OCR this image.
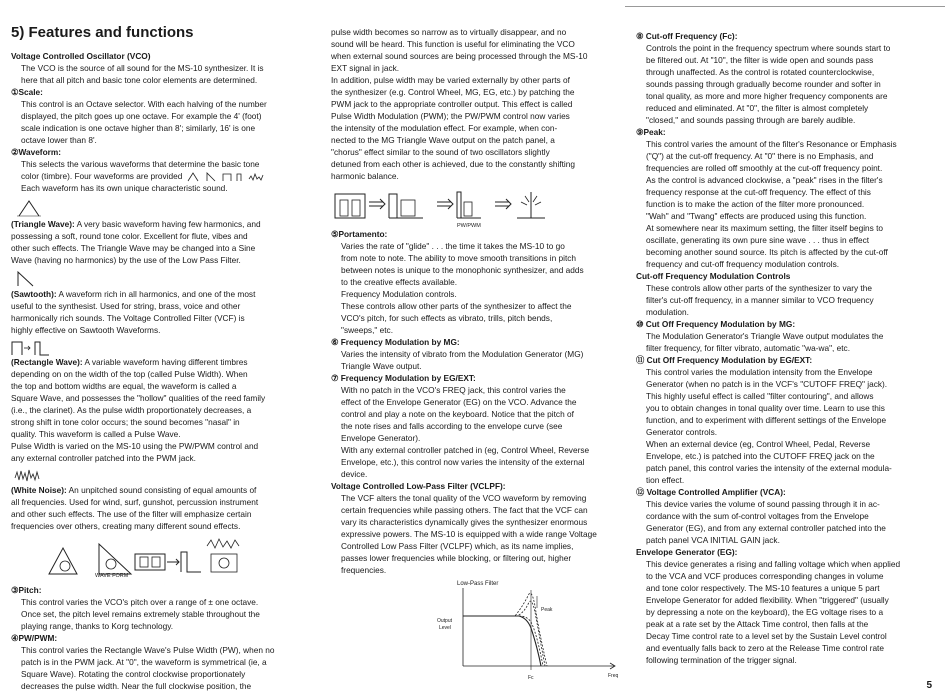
5) Features and functions

Voltage Controlled Oscillator (VCO)

The VCO is the source of all sound for the MS-10 synthesizer. It is
here that all pitch and basic tone color elements are determined.

①Scale:

This control is an Octave selector. With each halving of the number
displayed, the pitch goes up one octave. For example the 4' (foot)
scale indication is one octave higher than 8'; similarly, 16' is one
octave lower than 8'.

②Waveform:

This selects the various waveforms that determine the basic tone
color (timbre). Four waveforms are provided
Each waveform has its own unique characteristic sound.

(Triangle Wave): A very basic waveform having few harmonics, and

possessing a soft, round tone color. Excellent for flute, vibes and
other such effects. The Triangle Wave may be changed into a Sine
Wave (having no harmonics) by the use of the Low Pass Filter.

(Sawtooth): A waveform rich in all harmonics, and one of the most

useful to the synthesist. Used for string, brass, voice and other
harmonically rich sounds. The Voltage Controlled Filter (VCF) is
highly effective on Sawtooth Waveforms.

(Rectangle Wave): A variable waveform having different timbres

depending on on the width of the top (called Pulse Width). When
the top and bottom widths are equal, the waveform is called a
Square Wave, and possesses the "hollow" qualities of the reed family
(i.e., the clarinet). As the pulse width proportionately decreases, a
strong shift in tone color occurs; the sound becomes "nasal" in
quality. This waveform is called a Pulse Wave.
Pulse Width is varied on the MS-10 using the PW/PWM control and
any external controller patched into the PWM jack.

(White Noise): An unpitched sound consisting of equal amounts of

all frequencies. Used for wind, surf, gunshot, percussion instrument
and other such effects. The use of the filter will emphasize certain
frequencies over others, creating many different sound effects.
WAVE FORM

③Pitch:

This control varies the VCO's pitch over a range of ± one octave.
Once set, the pitch level remains extremely stable throughout the
playing range, thanks to Korg technology.

④PW/PWM:

This control varies the Rectangle Wave's Pulse Width (PW), when no
patch is in the PWM jack. At "0", the waveform is symmetrical (ie, a
Square Wave). Rotating the control clockwise proportionately
decreases the pulse width. Near the full clockwise position, the
pulse width becomes so narrow as to virtually disappear, and no
sound will be heard. This function is useful for eliminating the VCO
when external sound sources are being processed through the MS-10
EXT signal in jack.
In addition, pulse width may be varied externally by other parts of
the synthesizer (e.g. Control Wheel, MG, EG, etc.) by patching the
PWM jack to the appropriate controller output. This effect is called
Pulse Width Modulation (PWM); the PW/PWM control now varies
the intensity of the modulation effect. For example, when con-
nected to the MG Triangle Wave output on the patch panel, a
"chorus" effect similar to the sound of two oscillators slightly
detuned from each other is achieved, due to the constantly shifting
harmonic balance.
PW/PWM

⑤Portamento:

Varies the rate of "glide" . . . the time it takes the MS-10 to go
from note to note. The ability to move smooth transitions in pitch
between notes is unique to the monophonic synthesizer, and adds
to the creative effects available.
Frequency Modulation controls.
These controls allow other parts of the synthesizer to affect the
VCO's pitch, for such effects as vibrato, trills, pitch bends,
"sweeps," etc.

⑥ Frequency Modulation by MG:

Varies the intensity of vibrato from the Modulation Generator (MG)
Triangle Wave output.

⑦ Frequency Modulation by EG/EXT:

With no patch in the VCO's FREQ jack, this control varies the
effect of the Envelope Generator (EG) on the VCO. Advance the
control and play a note on the keyboard. Notice that the pitch of
the note rises and falls according to the envelope curve (see
Envelope Generator).
With any external controller patched in (eg, Control Wheel, Reverse
Envelope, etc.), this control now varies the intensity of the external
device.

Voltage Controlled Low-Pass Filter (VCLPF):

The VCF alters the tonal quality of the VCO waveform by removing
certain frequencies while passing others. The fact that the VCF can
vary its characteristics dynamically gives the synthesizer enormous
expressive powers. The MS-10 is equipped with a wide range Voltage
Controlled Low Pass Filter (VCLPF) which, as its name implies,
passes lower frequencies while blocking, or filtering out, higher
frequencies.
Low-Pass Filter
Output
Level
Peak
Fc	Freq

⑧ Cut-off Frequency (Fc):

Controls the point in the frequency spectrum where sounds start to
be filtered out. At "10", the filter is wide open and sounds pass
through unaffected. As the control is rotated counterclockwise,
sounds passing through gradually become rounder and softer in
tonal quality, as more and more higher frequency components are
reduced and eliminated. At "0", the filter is almost completely
"closed," and sounds passing through are barely audible.

⑨Peak:

This control varies the amount of the filter's Resonance or Emphasis
("Q") at the cut-off frequency. At "0" there is no Emphasis, and
frequencies are rolled off smoothly at the cut-off frequency point.
As the control is advanced clockwise, a "peak" rises in the filter's
frequency response at the cut-off frequency. The effect of this
function is to make the action of the filter more pronounced.
"Wah" and "Twang" effects are produced using this function.
At somewhere near its maximum setting, the filter itself begins to
oscillate, generating its own pure sine wave . . . thus in effect
becoming another sound source. Its pitch is affected by the cut-off
frequency and cut-off frequency modulation controls.

Cut-off Frequency Modulation Controls

These controls allow other parts of the synthesizer to vary the
filter's cut-off frequency, in a manner similar to VCO frequency
modulation.

⑩ Cut Off Frequency Modulation by MG:

The Modulation Generator's Triangle Wave output modulates the
filter frequency, for filter vibrato, automatic "wa-wa", etc.

⑪ Cut Off Frequency Modulation by EG/EXT:

This control varies the modulation intensity from the Envelope
Generator (when no patch is in the VCF's "CUTOFF FREQ" jack).
This highly useful effect is called "filter contouring", and allows
you to obtain changes in tonal quality over time. Learn to use this
function, and to experiment with different settings of the Envelope
Generator controls.
When an external device (eg, Control Wheel, Pedal, Reverse
Envelope, etc.) is patched into the CUTOFF FREQ jack on the
patch panel, this control varies the intensity of the external modula-
tion effect.

⑫ Voltage Controlled Amplifier (VCA):

This device varies the volume of sound passing through it in ac-
cordance with the sum of-control voltages from the Envelope
Generator (EG), and from any external controller patched into the
patch panel VCA INITIAL GAIN jack.

Envelope Generator (EG):

This device generates a rising and falling voltage which when applied
to the VCA and VCF produces corresponding changes in volume
and tone color respectively. The MS-10 features a unique 5 part
Envelope Generator for added flexibility. When "triggered" (usually
by depressing a note on the keyboard), the EG voltage rises to a
peak at a rate set by the Attack Time control, then falls at the
Decay Time control rate to a level set by the Sustain Level control
and eventually falls back to zero at the Release Time control rate
following termination of the trigger signal.
5
